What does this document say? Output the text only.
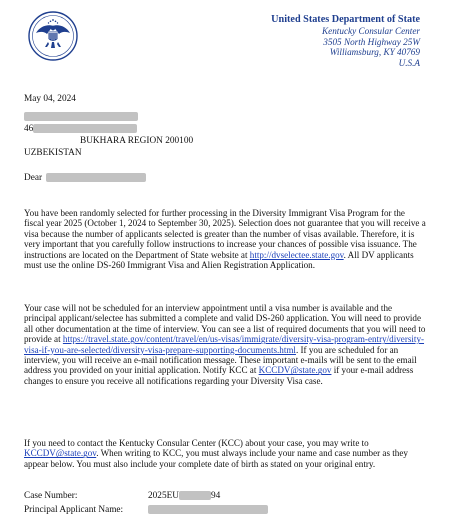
United States Department of State
Kentucky Consular Center
3505 North Highway 25W
Williamsburg, KY 40769
U.S.A
May 04, 2024
46
BUKHARA REGION 200100
UZBEKISTAN
Dear
You have been randomly selected for further processing in the Diversity Immigrant Visa Program for the fiscal year 2025 (October 1, 2024 to September 30, 2025). Selection does not guarantee that you will receive a visa because the number of applicants selected is greater than the number of visas available. Therefore, it is very important that you carefully follow instructions to increase your chances of possible visa issuance. The instructions are located on the Department of State website at http://dvselectee.state.gov. All DV applicants must use the online DS-260 Immigrant Visa and Alien Registration Application.
Your case will not be scheduled for an interview appointment until a visa number is available and the principal applicant/selectee has submitted a complete and valid DS-260 application. You will need to provide all other documentation at the time of interview. You can see a list of required documents that you will need to provide at https://travel.state.gov/content/travel/en/us-visas/immigrate/diversity-visa-program-entry/diversity-visa-if-you-are-selected/diversity-visa-prepare-supporting-documents.html. If you are scheduled for an interview, you will receive an e-mail notification message. These important e-mails will be sent to the email address you provided on your initial application. Notify KCC at KCCDV@state.gov if your e-mail address changes to ensure you receive all notifications regarding your Diversity Visa case.
If you need to contact the Kentucky Consular Center (KCC) about your case, you may write to KCCDV@state.gov. When writing to KCC, you must always include your name and case number as they appear below. You must also include your complete date of birth as stated on your original entry.
Case Number:	2025EU	94
Principal Applicant Name:
